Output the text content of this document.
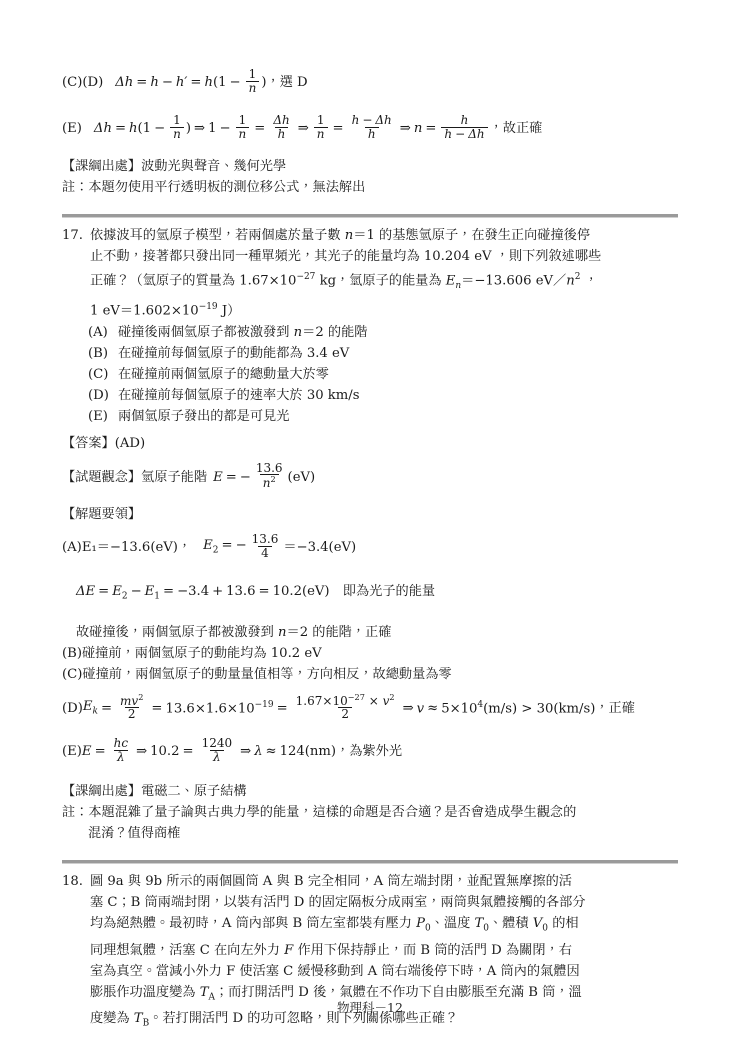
(C)(D) $\Delta h = h - h' = h(1 - \frac{1}{n}$ ) ，選 D
(E) $\Delta h = h(1 - \frac{1}{n}$ ) ⇒ $1 - \frac{1}{n} = \frac{\Delta h}{h}$ ⇒ $\frac{1}{n} = \frac{h - \Delta h}{h}$ ⇒ $n = \frac{h}{h - \Delta h}$ ，故正確
【課綱出處】波動光與聲音、幾何光學
註： 本題勿使用平行透明板的測位移公式，無法解出
17. 依據波耳的氫原子模型，若兩個處於量子數 n＝1 的基態氫原子，在發生正向碰撞後停

止不動，接著都只發出同一種單頻光，其光子的能量均為 10.204 eV ，則下列敘述哪些

正確？（氫原子的質量為 $1.67\times 10^{-27}$ kg，氫原子的能量為 $E_n=-13.606$ $eV/n^2$ ，

1 $eV=1.602\times 10^{-19}$ J）

(A) 碰撞後兩個氫原子都被激發到 n＝2 的能階
(B) 在碰撞前每個氫原子的動能都為 3.4 eV
(C) 在碰撞前兩個氫原子的總動量大於零
(D) 在碰撞前每個氫原子的速率大於 30 km/s
(E) 兩個氫原子發出的都是可見光
【答案】(AD)
【試題觀念】 氫原子能階 E = − $\frac{13.6}{n^2} (eV)$
【解題要領】
(A)E₁＝−13.6(eV)， $E_2$ = − $\frac{13.6}{4} =-3.4(eV)$
$\Delta E = E_2 - E_1 = -3.4 + 13.6 = 10.2(eV)$　即為光子的能量
故碰撞後，兩個氫原子都被激發到 n＝2 的能階，正確
(B)碰撞前，兩個氫原子的動能均為 10.2 eV
(C)碰撞前，兩個氫原子的動量量值相等，方向相反，故總動量為零
(D) $E_k = \frac{mv^2}{2} = 13.6\times 1.6\times 10^{-19} = \frac{1.67\times 10^{-27} \times v^2}{2}$ ⇒ $v \approx 5\times 10^4(m/s) > 30(km/s)$ ，正確
(E) $E = \frac{hc}{\lambda}$ ⇒ $10.2 = \frac{1240}{\lambda}$ ⇒ λ ≈ 124(nm) ，為紫外光
【課綱出處】電磁二、原子結構
註： 本題混雜了量子論與古典力學的能量，這樣的命題是否合適？是否會造成學生觀念的
混淆？值得商榷
18. 圖 9a 與 9b 所示的兩個圓筒 A 與 B 完全相同，A 筒左端封閉，並配置無摩擦的活

塞 C；B 筒兩端封閉，以裝有活門 D 的固定隔板分成兩室，兩筒與氣體接觸的各部分

均為絕熱體。最初時，A 筒內部與 B 筒左室都裝有壓力 $P_0$、溫度 $T_0$、體積 $V_0$ 的相

同理想氣體，活塞 C 在向左外力 F 作用下保持靜止，而 B 筒的活門 D 為關閉，右

室為真空。當減小外力 F 使活塞 C 緩慢移動到 A 筒右端後停下時，A 筒內的氣體因

膨脹作功溫度變為 $T_A$；而打開活門 D 後，氣體在不作功下自由膨脹至充滿 B 筒，溫

度變為 $T_B$。若打開活門 D 的功可忽略，則下列關係哪些正確？

物理科－12
